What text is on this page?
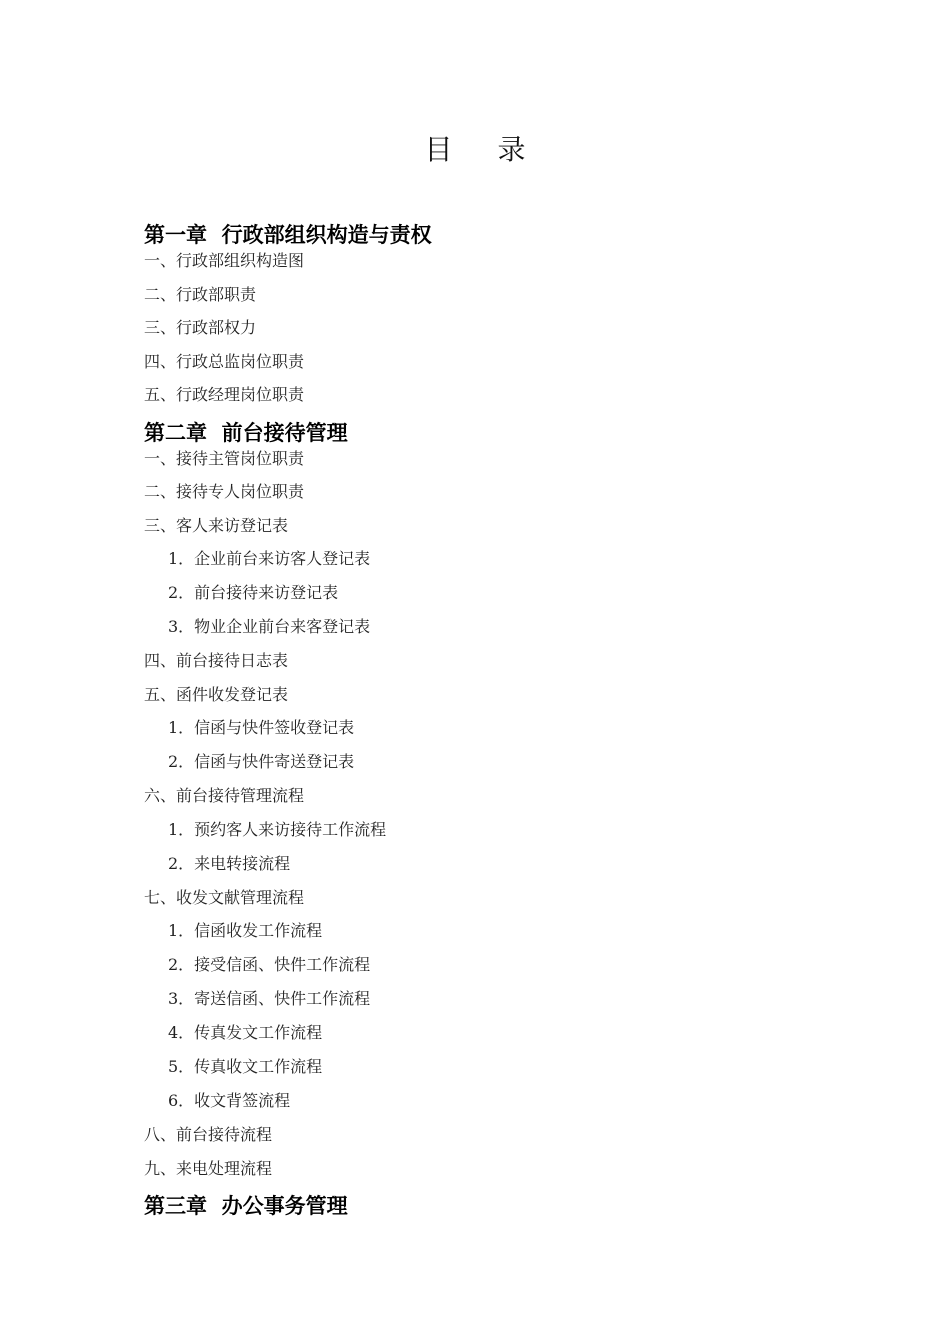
目 录
第一章  行政部组织构造与责权
一、行政部组织构造图
二、行政部职责
三、行政部权力
四、行政总监岗位职责
五、行政经理岗位职责
第二章  前台接待管理
一、接待主管岗位职责
二、接待专人岗位职责
三、客人来访登记表
1．企业前台来访客人登记表
2．前台接待来访登记表
3．物业企业前台来客登记表
四、前台接待日志表
五、函件收发登记表
1．信函与快件签收登记表
2．信函与快件寄送登记表
六、前台接待管理流程
1．预约客人来访接待工作流程
2．来电转接流程
七、收发文献管理流程
1．信函收发工作流程
2．接受信函、快件工作流程
3．寄送信函、快件工作流程
4．传真发文工作流程
5．传真收文工作流程
6．收文背签流程
八、前台接待流程
九、来电处理流程
第三章  办公事务管理
